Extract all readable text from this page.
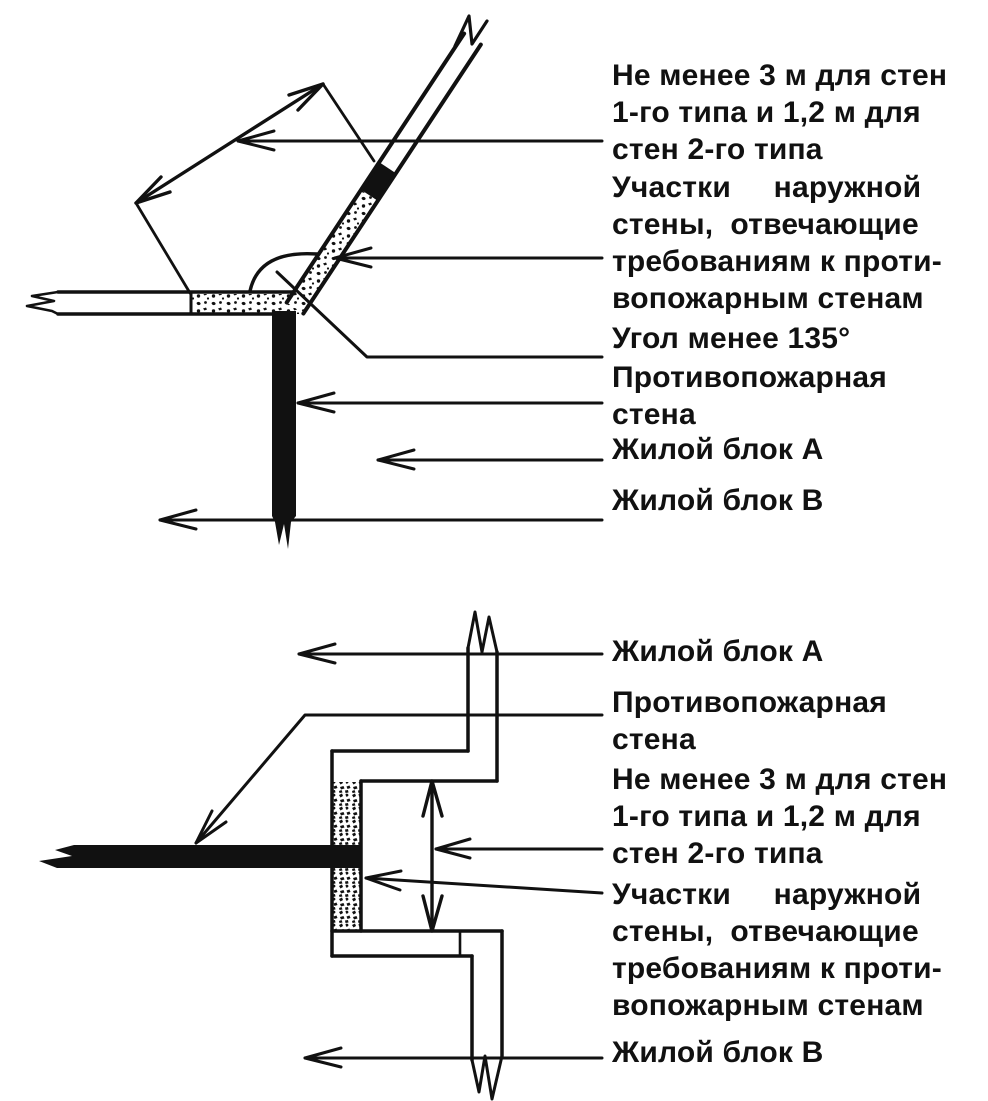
Не менее 3 м для стен
1-го типа и 1,2 м для
стен 2-го типа
Участки     наружной
стены,  отвечающие
требованиям к проти-
вопожарным стенам
Угол менее 135°
Противопожарная
стена
Жилой блок А
Жилой блок В
Жилой блок А
Противопожарная
стена
Не менее 3 м для стен
1-го типа и 1,2 м для
стен 2-го типа
Участки     наружной
стены,  отвечающие
требованиям к проти-
вопожарным стенам
Жилой блок В
